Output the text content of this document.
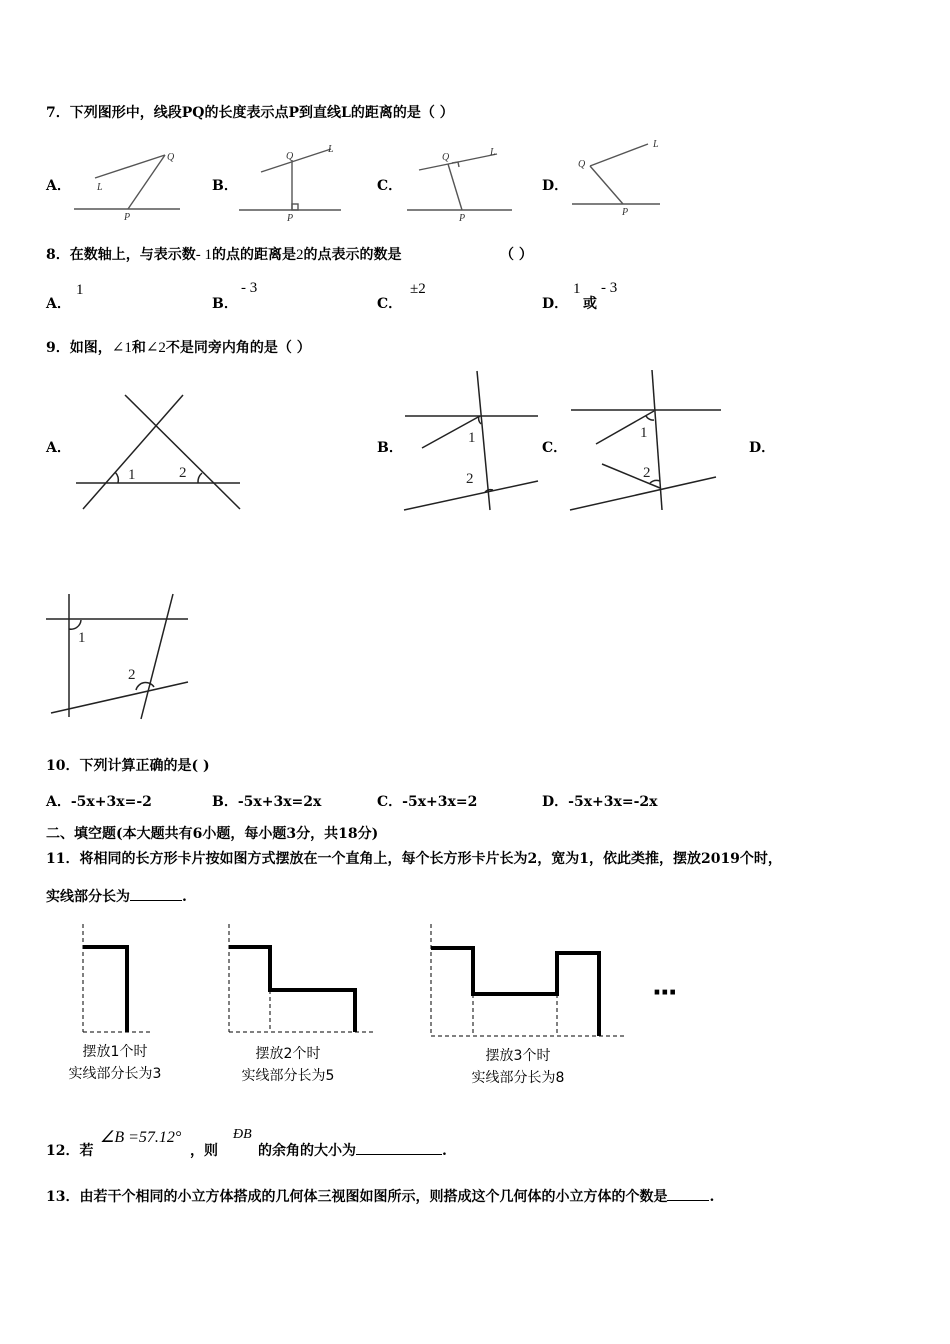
7．下列图形中，线段PQ的长度表示点P到直线L的距离的是（ ）
A．	B．	C．	D．
Q
L
P
Q
L
P
Q	L
P
Q
L
P
8．在数轴上，与表示数- 1的点的距离是2的点表示的数是	（ ）
A．
1
B．
- 3
C．
±2
D．
1
或
- 3
9．如图，∠1和∠2不是同旁内角的是（ ）
A．	B．	C．	D．
1	2
1
2
1
2
1
2
10．下列计算正确的是( )
A．-5x+3x=-2	B．-5x+3x=2x	C．-5x+3x=2	D．-5x+3x=-2x
二、填空题(本大题共有6小题，每小题3分，共18分)
11．将相同的长方形卡片按如图方式摆放在一个直角上，每个长方形卡片长为2，宽为1，依此类推，摆放2019个时，
实线部分长为	.
摆放1个时
实线部分长为3
摆放2个时
实线部分长为5
摆放3个时
实线部分长为8
···
12．若
∠B =57.12°
，则
ÐB
的余角的大小为	.
13．由若干个相同的小立方体搭成的几何体三视图如图所示，则搭成这个几何体的小立方体的个数是	.
